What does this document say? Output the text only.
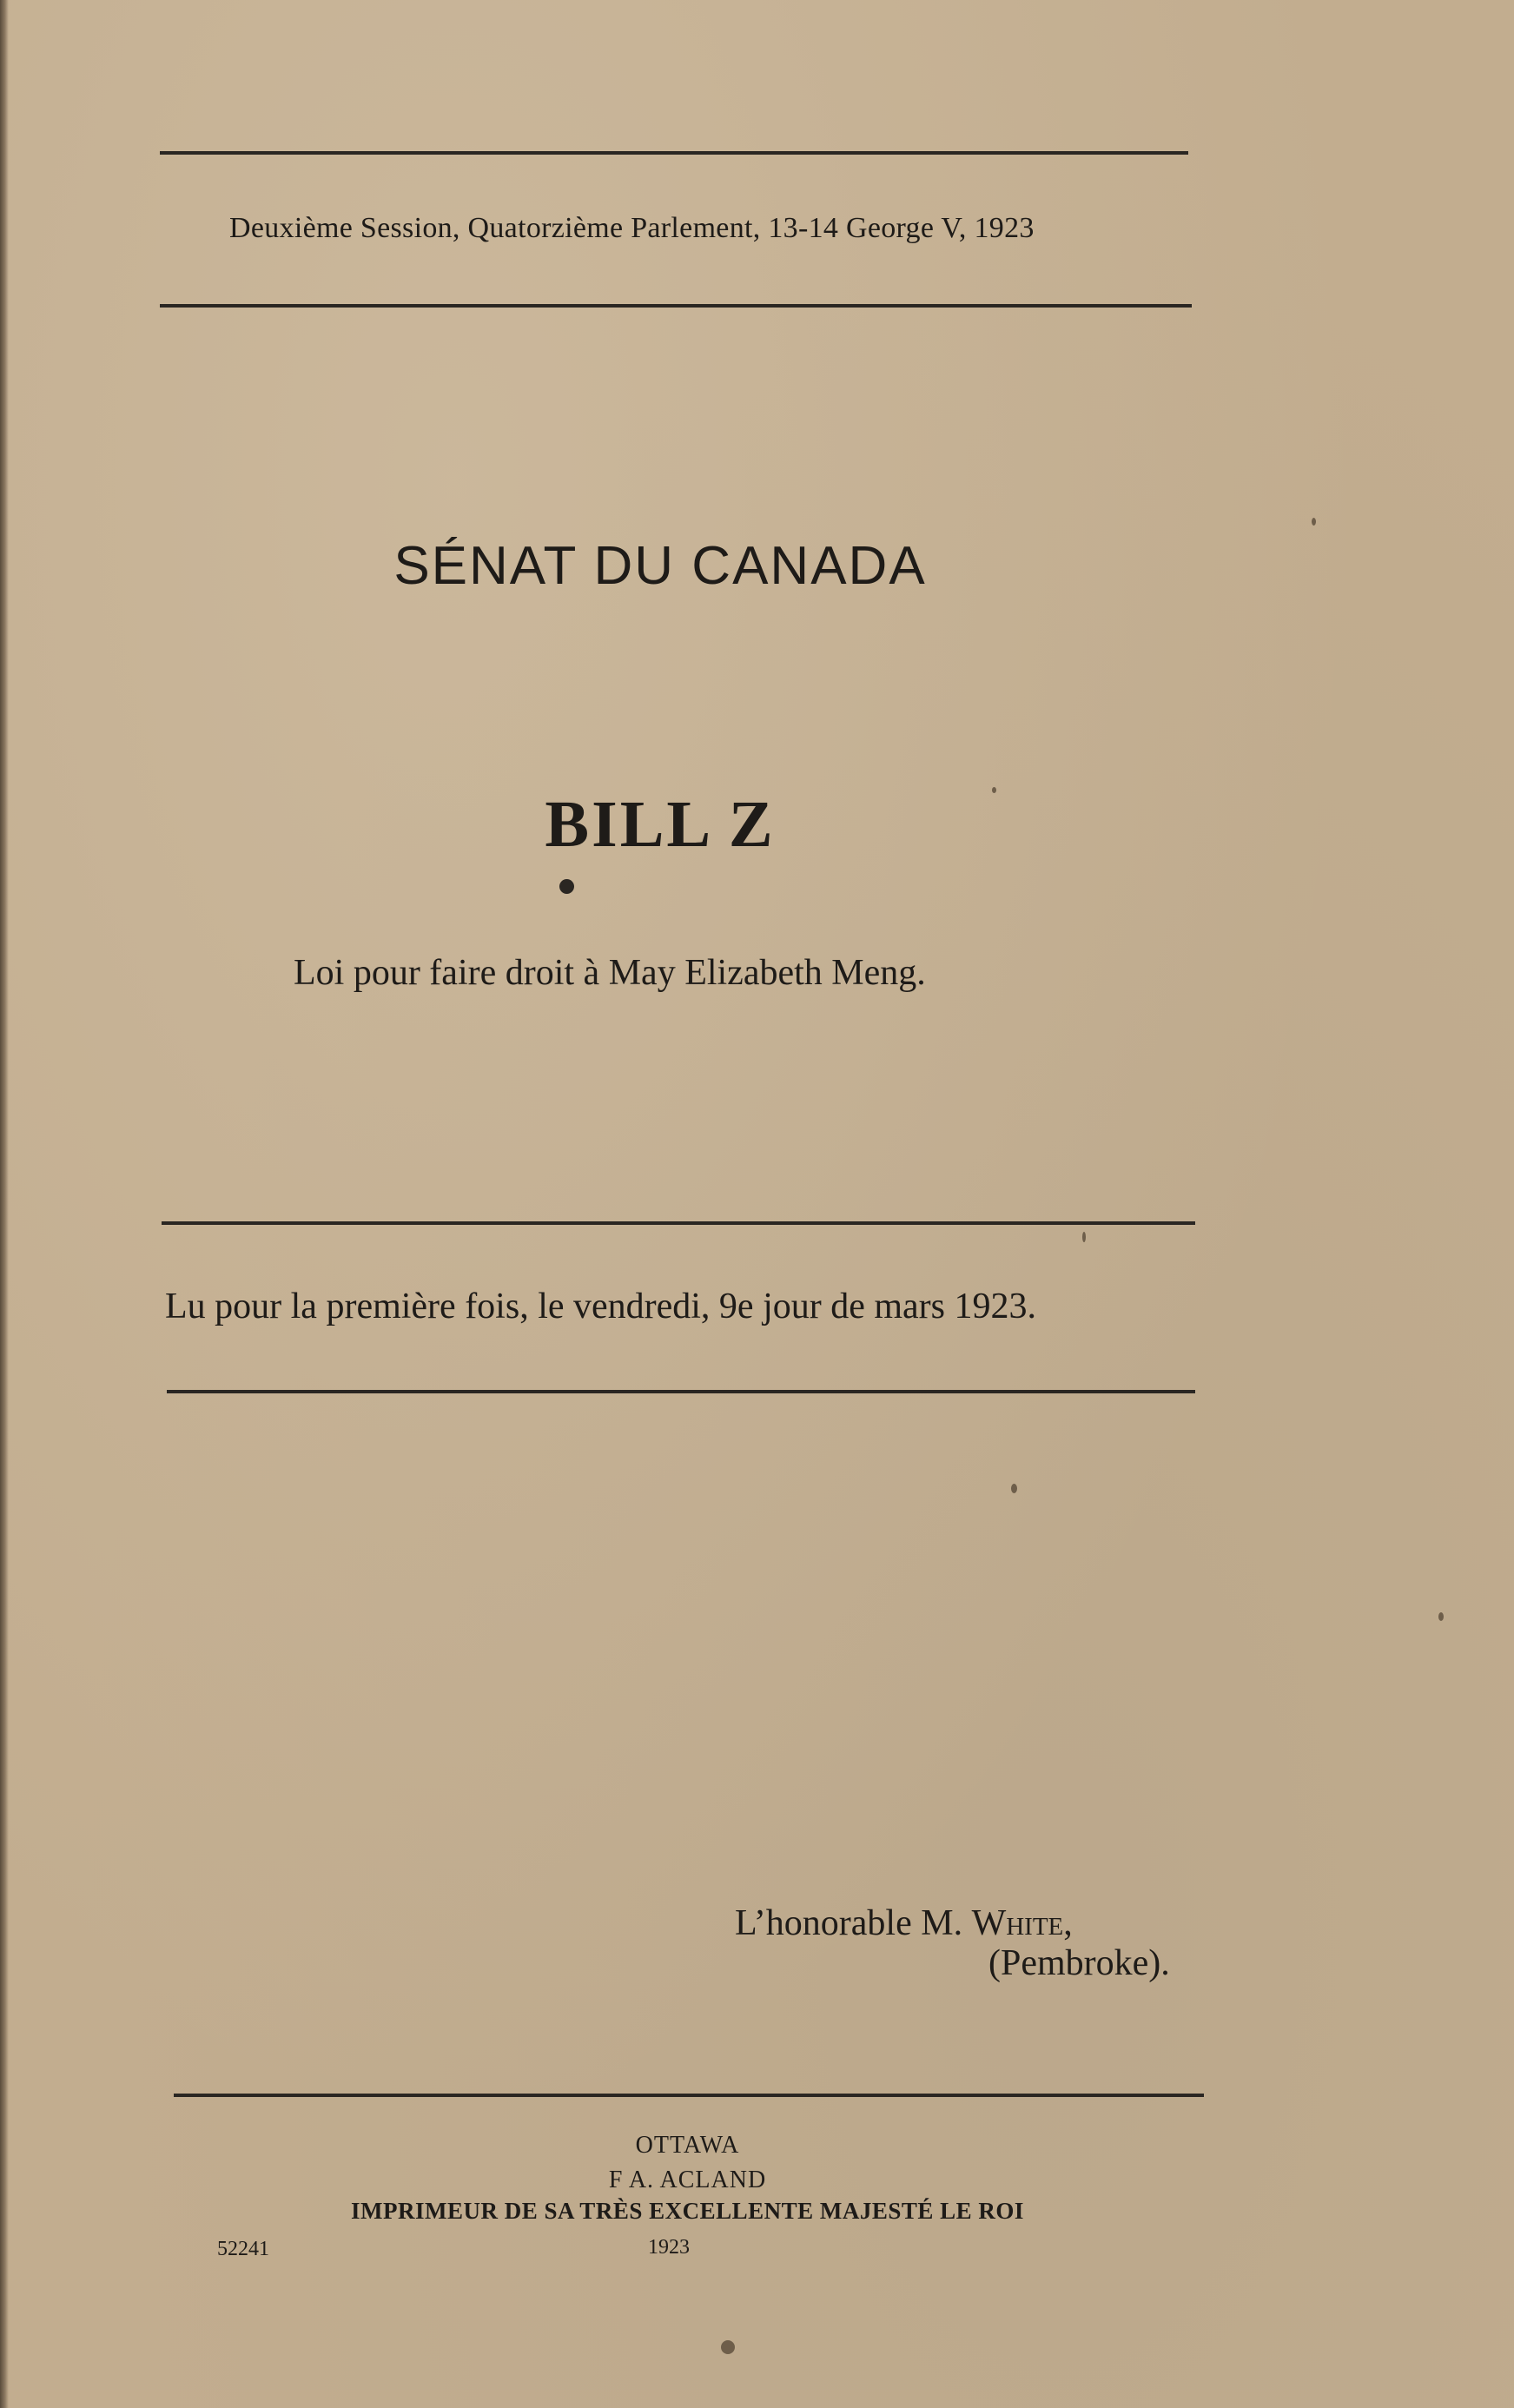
Deuxième Session, Quatorzième Parlement, 13-14 George V, 1923
SÉNAT DU CANADA
BILL Z
Loi pour faire droit à May Elizabeth Meng.
Lu pour la première fois, le vendredi, 9e jour de mars 1923.
L’honorable M. White,
(Pembroke).
OTTAWA
F A. ACLAND
IMPRIMEUR DE SA TRÈS EXCELLENTE MAJESTÉ LE ROI
1923
52241
